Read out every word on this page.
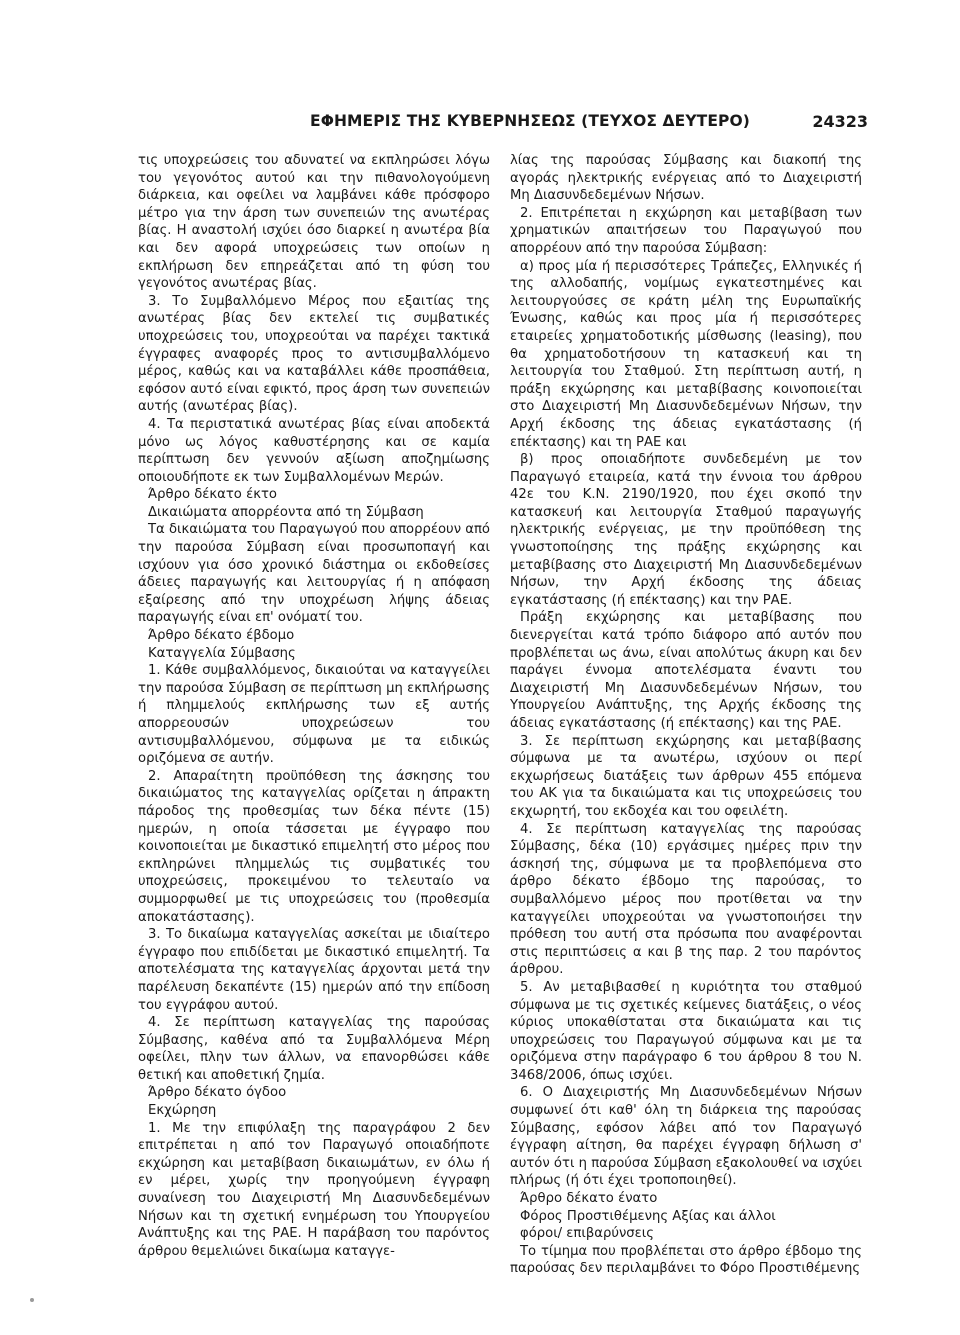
ΕΦΗΜΕΡΙΣ ΤΗΣ ΚΥΒΕΡΝΗΣΕΩΣ (ΤΕΥΧΟΣ ΔΕΥΤΕΡΟ)	24323

τις υποχρεώσεις του αδυνατεί να εκπληρώσει λόγω του γεγονότος αυτού και την πιθανολογούμενη διάρκεια, και οφείλει να λαμβάνει κάθε πρόσφορο μέτρο για την άρση των συνεπειών της ανωτέρας βίας. Η αναστολή ισχύει όσο διαρκεί η ανωτέρα βία και δεν αφορά υποχρεώσεις των οποίων η εκπλήρωση δεν επηρεάζεται από τη φύση του γεγονότος ανωτέρας βίας.

3. Το Συμβαλλόμενο Μέρος που εξαιτίας της ανωτέρας βίας δεν εκτελεί τις συμβατικές υποχρεώσεις του, υποχρεούται να παρέχει τακτικά έγγραφες αναφορές προς το αντισυμβαλλόμενο μέρος, καθώς και να καταβάλλει κάθε προσπάθεια, εφόσον αυτό είναι εφικτό, προς άρση των συνεπειών αυτής (ανωτέρας βίας).

4. Τα περιστατικά ανωτέρας βίας είναι αποδεκτά μόνο ως λόγος καθυστέρησης και σε καμία περίπτωση δεν γεννούν αξίωση αποζημίωσης οποιουδήποτε εκ των Συμβαλλομένων Μερών.

Άρθρο δέκατο έκτο

Δικαιώματα απορρέοντα από τη Σύμβαση

Τα δικαιώματα του Παραγωγού που απορρέουν από την παρούσα Σύμβαση είναι προσωποπαγή και ισχύουν για όσο χρονικό διάστημα οι εκδοθείσες άδειες παραγωγής και λειτουργίας ή η απόφαση εξαίρεσης από την υποχρέωση λήψης άδειας παραγωγής είναι επ' ονόματί του.

Άρθρο δέκατο έβδομο

Καταγγελία Σύμβασης

1. Κάθε συμβαλλόμενος, δικαιούται να καταγγείλει την παρούσα Σύμβαση σε περίπτωση μη εκπλήρωσης ή πλημμελούς εκπλήρωσης των εξ αυτής απορρεουσών υποχρεώσεων του αντισυμβαλλόμενου, σύμφωνα με τα ειδικώς οριζόμενα σε αυτήν.

2. Απαραίτητη προϋπόθεση της άσκησης του δικαιώματος της καταγγελίας ορίζεται η άπρακτη πάροδος της προθεσμίας των δέκα πέντε (15) ημερών, η οποία τάσσεται με έγγραφο που κοινοποιείται με δικαστικό επιμελητή στο μέρος που εκπληρώνει πλημμελώς τις συμβατικές του υποχρεώσεις, προκειμένου το τελευταίο να συμμορφωθεί με τις υποχρεώσεις του (προθεσμία αποκατάστασης).

3. Το δικαίωμα καταγγελίας ασκείται με ιδιαίτερο έγγραφο που επιδίδεται με δικαστικό επιμελητή. Τα αποτελέσματα της καταγγελίας άρχονται μετά την παρέλευση δεκαπέντε (15) ημερών από την επίδοση του εγγράφου αυτού.

4. Σε περίπτωση καταγγελίας της παρούσας Σύμβασης, καθένα από τα Συμβαλλόμενα Μέρη οφείλει, πλην των άλλων, να επανορθώσει κάθε θετική και αποθετική ζημία.

Άρθρο δέκατο όγδοο

Εκχώρηση

1. Με την επιφύλαξη της παραγράφου 2 δεν επιτρέπεται η από τον Παραγωγό οποιαδήποτε εκχώρηση και μεταβίβαση δικαιωμάτων, εν όλω ή εν μέρει, χωρίς την προηγούμενη έγγραφη συναίνεση του Διαχειριστή Μη Διασυνδεδεμένων Νήσων και τη σχετική ενημέρωση του Υπουργείου Ανάπτυξης και της ΡΑΕ. Η παράβαση του παρόντος άρθρου θεμελιώνει δικαίωμα καταγγε-

λίας της παρούσας Σύμβασης και διακοπή της αγοράς ηλεκτρικής ενέργειας από το Διαχειριστή Μη Διασυνδεδεμένων Νήσων.

2. Επιτρέπεται η εκχώρηση και μεταβίβαση των χρηματικών απαιτήσεων του Παραγωγού που απορρέουν από την παρούσα Σύμβαση:

α) προς μία ή περισσότερες Τράπεζες, Ελληνικές ή της αλλοδαπής, νομίμως εγκατεστημένες και λειτουργούσες σε κράτη μέλη της Ευρωπαϊκής Ένωσης, καθώς και προς μία ή περισσότερες εταιρείες χρηματοδοτικής μίσθωσης (leasing), που θα χρηματοδοτήσουν τη κατασκευή και τη λειτουργία του Σταθμού. Στη περίπτωση αυτή, η πράξη εκχώρησης και μεταβίβασης κοινοποιείται στο Διαχειριστή Μη Διασυνδεδεμένων Νήσων, την Αρχή έκδοσης της άδειας εγκατάστασης (ή επέκτασης) και τη ΡΑΕ και

β) προς οποιαδήποτε συνδεδεμένη με τον Παραγωγό εταιρεία, κατά την έννοια του άρθρου 42ε του Κ.Ν. 2190/1920, που έχει σκοπό την κατασκευή και λειτουργία Σταθμού παραγωγής ηλεκτρικής ενέργειας, με την προϋπόθεση της γνωστοποίησης της πράξης εκχώρησης και μεταβίβασης στο Διαχειριστή Μη Διασυνδεδεμένων Νήσων, την Αρχή έκδοσης της άδειας εγκατάστασης (ή επέκτασης) και την ΡΑΕ.

Πράξη εκχώρησης και μεταβίβασης που διενεργείται κατά τρόπο διάφορο από αυτόν που προβλέπεται ως άνω, είναι απολύτως άκυρη και δεν παράγει έννομα αποτελέσματα έναντι του Διαχειριστή Μη Διασυνδεδεμένων Νήσων, του Υπουργείου Ανάπτυξης, της Αρχής έκδοσης της άδειας εγκατάστασης (ή επέκτασης) και της ΡΑΕ.

3. Σε περίπτωση εκχώρησης και μεταβίβασης σύμφωνα με τα ανωτέρω, ισχύουν οι περί εκχωρήσεως διατάξεις των άρθρων 455 επόμενα του ΑΚ για τα δικαιώματα και τις υποχρεώσεις του εκχωρητή, του εκδοχέα και του οφειλέτη.

4. Σε περίπτωση καταγγελίας της παρούσας Σύμβασης, δέκα (10) εργάσιμες ημέρες πριν την άσκησή της, σύμφωνα με τα προβλεπόμενα στο άρθρο δέκατο έβδομο της παρούσας, το συμβαλλόμενο μέρος που προτίθεται να την καταγγείλει υποχρεούται να γνωστοποιήσει την πρόθεση του αυτή στα πρόσωπα που αναφέρονται στις περιπτώσεις α και β της παρ. 2 του παρόντος άρθρου.

5. Αν μεταβιβασθεί η κυριότητα του σταθμού σύμφωνα με τις σχετικές κείμενες διατάξεις, ο νέος κύριος υποκαθίσταται στα δικαιώματα και τις υποχρεώσεις του Παραγωγού σύμφωνα και με τα οριζόμενα στην παράγραφο 6 του άρθρου 8 του Ν. 3468/2006, όπως ισχύει.

6. Ο Διαχειριστής Μη Διασυνδεδεμένων Νήσων συμφωνεί ότι καθ' όλη τη διάρκεια της παρούσας Σύμβασης, εφόσον λάβει από τον Παραγωγό έγγραφη αίτηση, θα παρέχει έγγραφη δήλωση σ' αυτόν ότι η παρούσα Σύμβαση εξακολουθεί να ισχύει πλήρως (ή ότι έχει τροποποιηθεί).

Άρθρο δέκατο ένατο

Φόρος Προστιθέμενης Αξίας και άλλοι

φόροι/ επιβαρύνσεις

Το τίμημα που προβλέπεται στο άρθρο έβδομο της παρούσας δεν περιλαμβάνει το Φόρο Προστιθέμενης
